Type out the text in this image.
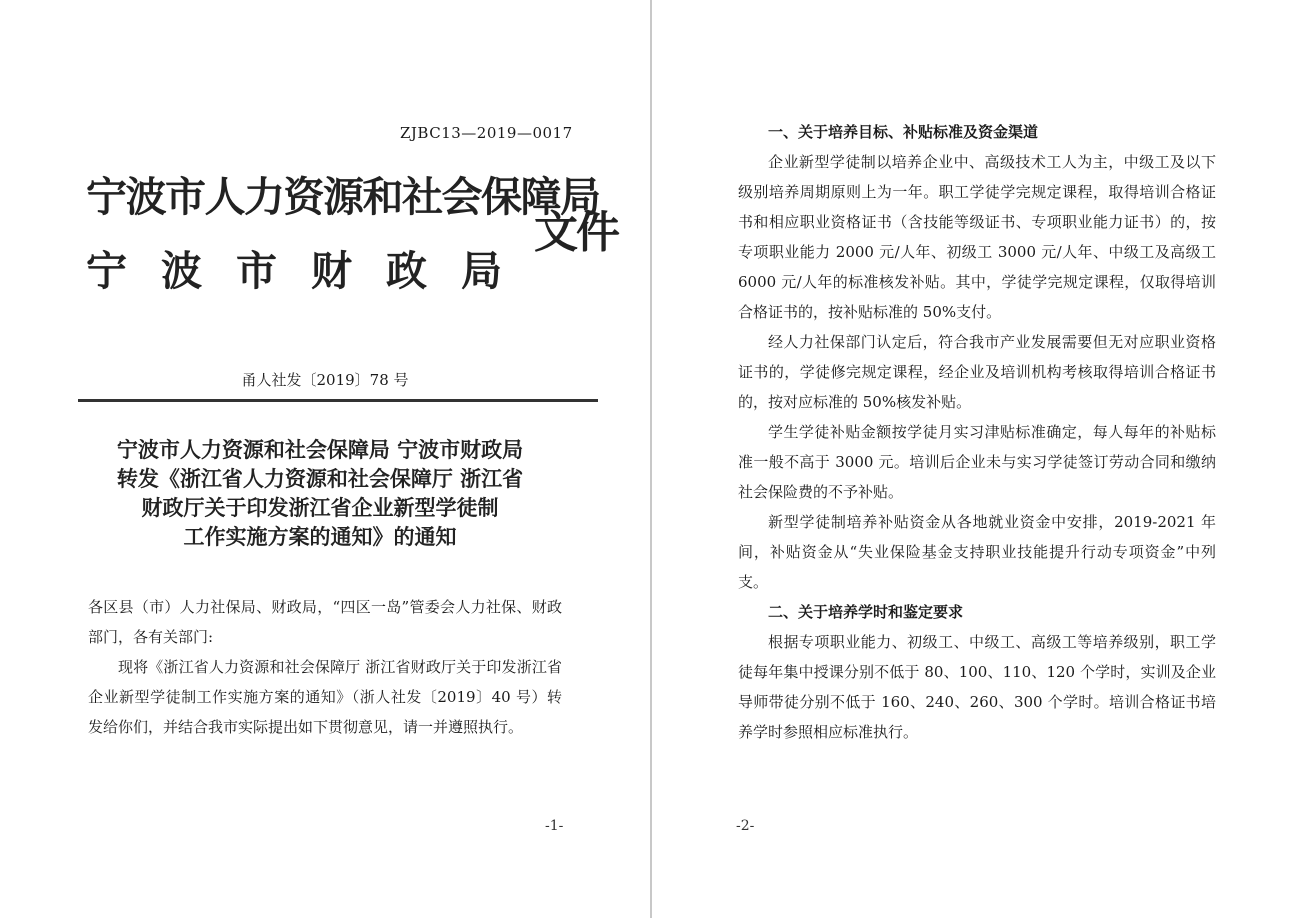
ZJBC13—2019—0017
宁波市人力资源和社会保障局
宁波市财政局
文件
甬人社发〔2019〕78 号
宁波市人力资源和社会保障局 宁波市财政局
转发《浙江省人力资源和社会保障厅 浙江省
财政厅关于印发浙江省企业新型学徒制
工作实施方案的通知》的通知

各区县（市）人力社保局、财政局，“四区一岛”管委会人力社保、财政部门，各有关部门:

现将《浙江省人力资源和社会保障厅 浙江省财政厅关于印发浙江省企业新型学徒制工作实施方案的通知》（浙人社发〔2019〕40 号）转发给你们，并结合我市实际提出如下贯彻意见，请一并遵照执行。

-1-

一、关于培养目标、补贴标准及资金渠道

企业新型学徒制以培养企业中、高级技术工人为主，中级工及以下级别培养周期原则上为一年。职工学徒学完规定课程，取得培训合格证书和相应职业资格证书（含技能等级证书、专项职业能力证书）的，按专项职业能力 2000 元/人年、初级工 3000 元/人年、中级工及高级工 6000 元/人年的标准核发补贴。其中，学徒学完规定课程，仅取得培训合格证书的，按补贴标准的 50%支付。

经人力社保部门认定后，符合我市产业发展需要但无对应职业资格证书的，学徒修完规定课程，经企业及培训机构考核取得培训合格证书的，按对应标准的 50%核发补贴。

学生学徒补贴金额按学徒月实习津贴标准确定，每人每年的补贴标准一般不高于 3000 元。培训后企业未与实习学徒签订劳动合同和缴纳社会保险费的不予补贴。

新型学徒制培养补贴资金从各地就业资金中安排，2019-2021 年间，补贴资金从“失业保险基金支持职业技能提升行动专项资金”中列支。

二、关于培养学时和鉴定要求

根据专项职业能力、初级工、中级工、高级工等培养级别，职工学徒每年集中授课分别不低于 80、100、110、120 个学时，实训及企业导师带徒分别不低于 160、240、260、300 个学时。培训合格证书培养学时参照相应标准执行。

-2-
